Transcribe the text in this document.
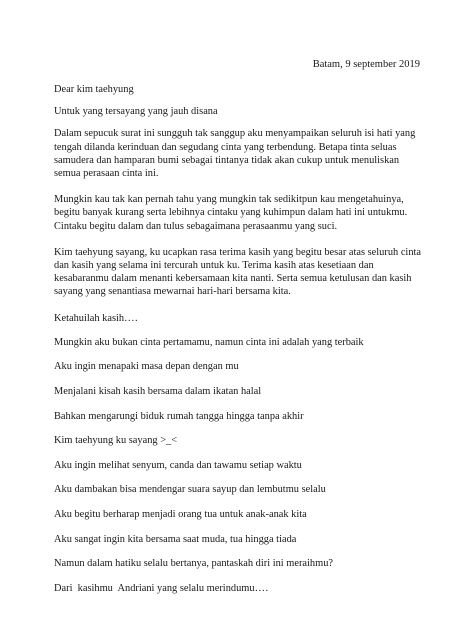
Batam, 9 september 2019

Dear kim taehyung

Untuk yang tersayang yang jauh disana

Dalam sepucuk surat ini sungguh tak sanggup aku menyampaikan seluruh isi hati yang tengah dilanda kerinduan dan segudang cinta yang terbendung. Betapa tinta seluas samudera dan hamparan bumi sebagai tintanya tidak akan cukup untuk menuliskan semua perasaan cinta ini.

Mungkin kau tak kan pernah tahu yang mungkin tak sedikitpun kau mengetahuinya, begitu banyak kurang serta lebihnya cintaku yang kuhimpun dalam hati ini untukmu. Cintaku begitu dalam dan tulus sebagaimana perasaanmu yang suci.

Kim taehyung sayang, ku ucapkan rasa terima kasih yang begitu besar atas seluruh cinta dan kasih yang selama ini tercurah untuk ku. Terima kasih atas kesetiaan dan kesabaranmu dalam menanti kebersamaan kita nanti. Serta semua ketulusan dan kasih sayang yang senantiasa mewarnai hari-hari bersama kita.

Ketahuilah kasih….

Mungkin aku bukan cinta pertamamu, namun cinta ini adalah yang terbaik

Aku ingin menapaki masa depan dengan mu

Menjalani kisah kasih bersama dalam ikatan halal

Bahkan mengarungi biduk rumah tangga hingga tanpa akhir

Kim taehyung ku sayang >_<

Aku ingin melihat senyum, canda dan tawamu setiap waktu

Aku dambakan bisa mendengar suara sayup dan lembutmu selalu

Aku begitu berharap menjadi orang tua untuk anak-anak kita

Aku sangat ingin kita bersama saat muda, tua hingga tiada

Namun dalam hatiku selalu bertanya, pantaskah diri ini meraihmu?

Dari  kasihmu  Andriani yang selalu merindumu….
